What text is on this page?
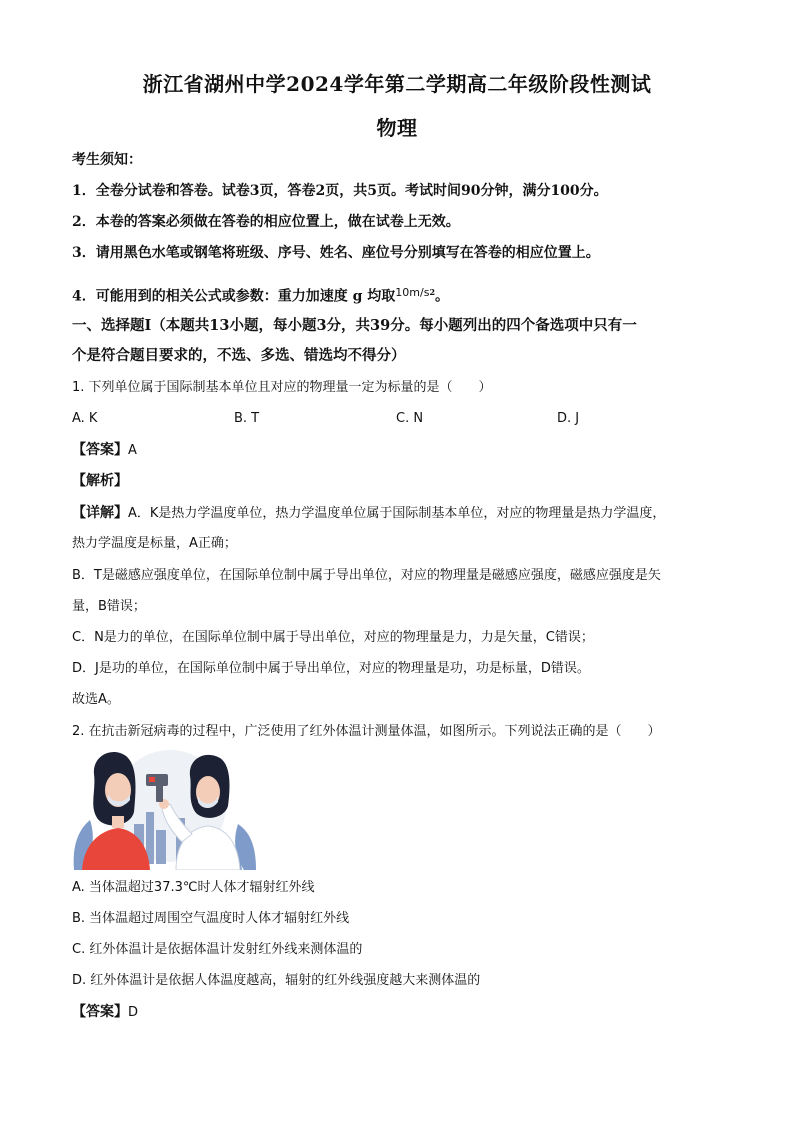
浙江省湖州中学2024学年第二学期高二年级阶段性测试
物理
考生须知：
1．全卷分试卷和答卷。试卷3页，答卷2页，共5页。考试时间90分钟，满分100分。
2．本卷的答案必须做在答卷的相应位置上，做在试卷上无效。
3．请用黑色水笔或钢笔将班级、序号、姓名、座位号分别填写在答卷的相应位置上。
4．可能用到的相关公式或参数：重力加速度 g 均取$^{10m/s2}$。
一、选择题Ⅰ（本题共13小题，每小题3分，共39分。每小题列出的四个备选项中只有一
个是符合题目要求的，不选、多选、错选均不得分）
1. 下列单位属于国际制基本单位且对应的物理量一定为标量的是（　　）
A. K	B. T	C. N	D. J
【答案】A
【解析】
【详解】A．K是热力学温度单位，热力学温度单位属于国际制基本单位，对应的物理量是热力学温度，
热力学温度是标量，A正确；
B．T是磁感应强度单位，在国际单位制中属于导出单位，对应的物理量是磁感应强度，磁感应强度是矢
量，B错误；
C．N是力的单位，在国际单位制中属于导出单位，对应的物理量是力，力是矢量，C错误；
D．J是功的单位，在国际单位制中属于导出单位，对应的物理量是功，功是标量，D错误。
故选A。
2. 在抗击新冠病毒的过程中，广泛使用了红外体温计测量体温，如图所示。下列说法正确的是（　　）
A. 当体温超过37.3℃时人体才辐射红外线
B. 当体温超过周围空气温度时人体才辐射红外线
C. 红外体温计是依据体温计发射红外线来测体温的
D. 红外体温计是依据人体温度越高，辐射的红外线强度越大来测体温的
【答案】D
